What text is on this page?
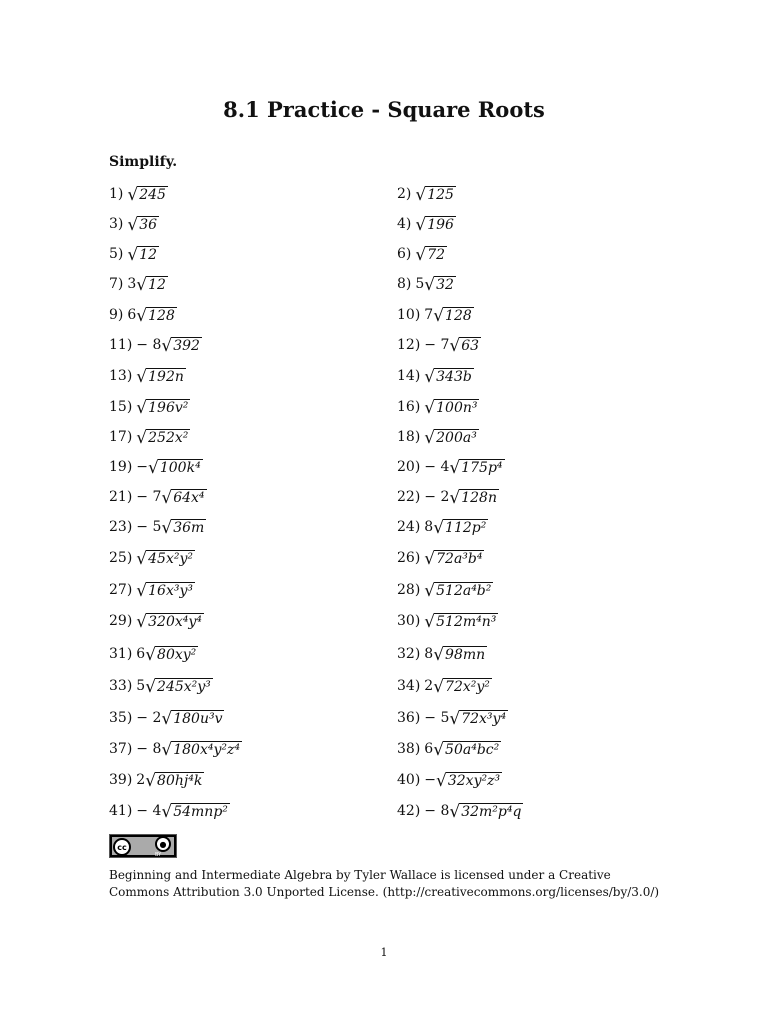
8.1 Practice - Square Roots
Simplify.
1) √ 245	2) √ 125
3) √ 36	4) √ 196
5) √ 12	6) √ 72
7) 3 √ 12	8) 5 √ 32
9) 6 √ 128	10) 7 √ 128
11) − 8 √ 392	12) − 7 √ 63
13) √ 192n	14) √ 343b
15) √ 196v²	16) √ 100n³
17) √ 252x²	18) √ 200a³
19) − √ 100k⁴	20) − 4 √ 175p⁴
21) − 7 √ 64x⁴	22) − 2 √ 128n
23) − 5 √ 36m	24) 8 √ 112p²
25) √ 45x²y²	26) √ 72a³b⁴
27) √ 16x³y³	28) √ 512a⁴b²
29) √ 320x⁴y⁴	30) √ 512m⁴n³
31) 6 √ 80xy²	32) 8 √ 98mn
33) 5 √ 245x²y³	34) 2 √ 72x²y²
35) − 2 √ 180u³v	36) − 5 √ 72x³y⁴
37) − 8 √ 180x⁴y²z⁴	38) 6 √ 50a⁴bc²
39) 2 √ 80hj⁴k	40) − √ 32xy²z³
41) − 4 √ 54mnp²	42) − 8 √ 32m²p⁴q
cc	●
BY
Beginning and Intermediate Algebra by Tyler Wallace is licensed under a Creative Commons Attribution 3.0 Unported License. (http://creativecommons.org/licenses/by/3.0/)
1
